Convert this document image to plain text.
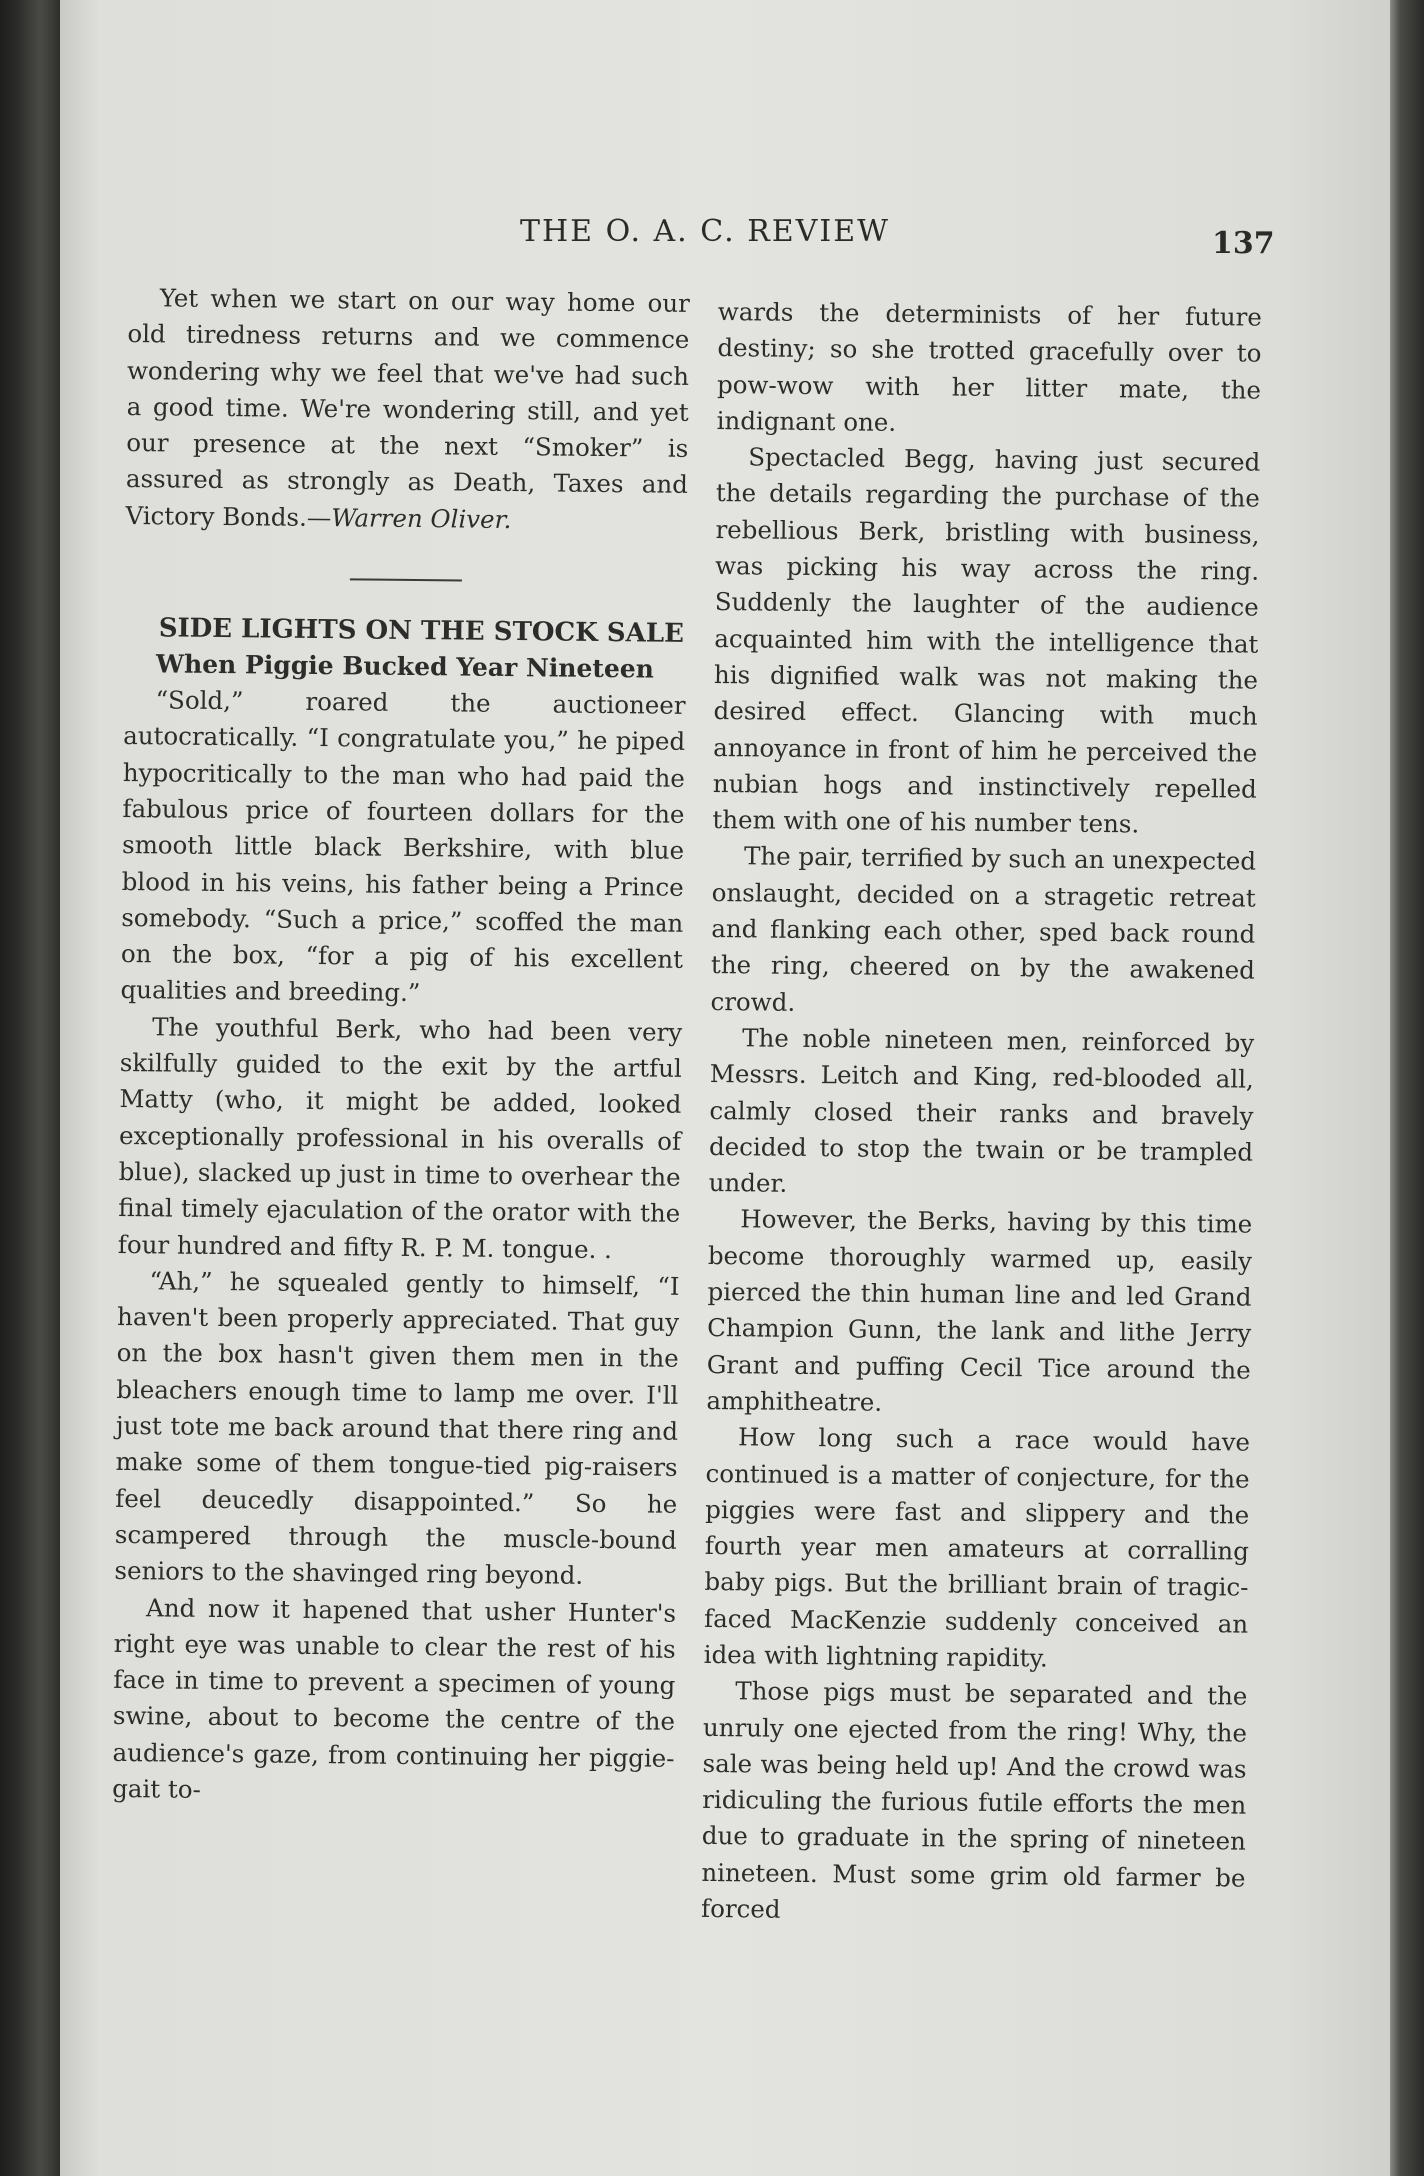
THE O. A. C. REVIEW	137

Yet when we start on our way home our old tiredness returns and we commence wondering why we feel that we've had such a good time. We're wondering still, and yet our presence at the next “Smoker” is assured as strongly as Death, Taxes and Victory Bonds.—Warren Oliver.

SIDE LIGHTS ON THE STOCK SALE

When Piggie Bucked Year Nineteen

“Sold,” roared the auctioneer autocratically. “I congratulate you,” he piped hypocritically to the man who had paid the fabulous price of fourteen dollars for the smooth little black Berkshire, with blue blood in his veins, his father being a Prince somebody. “Such a price,” scoffed the man on the box, “for a pig of his excellent qualities and breeding.”

The youthful Berk, who had been very skilfully guided to the exit by the artful Matty (who, it might be added, looked exceptionally professional in his overalls of blue), slacked up just in time to overhear the final timely ejaculation of the orator with the four hundred and fifty R. P. M. tongue. .

“Ah,” he squealed gently to himself, “I haven't been properly appreciated. That guy on the box hasn't given them men in the bleachers enough time to lamp me over. I'll just tote me back around that there ring and make some of them tongue-tied pig-raisers feel deucedly disappointed.” So he scampered through the muscle-bound seniors to the shavinged ring beyond.

And now it hapened that usher Hunter's right eye was unable to clear the rest of his face in time to prevent a specimen of young swine, about to become the centre of the audience's gaze, from continuing her piggie-gait to-

wards the determinists of her future destiny; so she trotted gracefully over to pow-wow with her litter mate, the indignant one.

Spectacled Begg, having just secured the details regarding the purchase of the rebellious Berk, bristling with business, was picking his way across the ring. Suddenly the laughter of the audience acquainted him with the intelligence that his dignified walk was not making the desired effect. Glancing with much annoyance in front of him he perceived the nubian hogs and instinctively repelled them with one of his number tens.

The pair, terrified by such an unexpected onslaught, decided on a stragetic retreat and flanking each other, sped back round the ring, cheered on by the awakened crowd.

The noble nineteen men, reinforced by Messrs. Leitch and King, red-blooded all, calmly closed their ranks and bravely decided to stop the twain or be trampled under.

However, the Berks, having by this time become thoroughly warmed up, easily pierced the thin human line and led Grand Champion Gunn, the lank and lithe Jerry Grant and puffing Cecil Tice around the amphitheatre.

How long such a race would have continued is a matter of conjecture, for the piggies were fast and slippery and the fourth year men amateurs at corralling baby pigs. But the brilliant brain of tragic-faced MacKenzie suddenly conceived an idea with lightning rapidity.

Those pigs must be separated and the unruly one ejected from the ring! Why, the sale was being held up! And the crowd was ridiculing the furious futile efforts the men due to graduate in the spring of nineteen nineteen. Must some grim old farmer be forced
